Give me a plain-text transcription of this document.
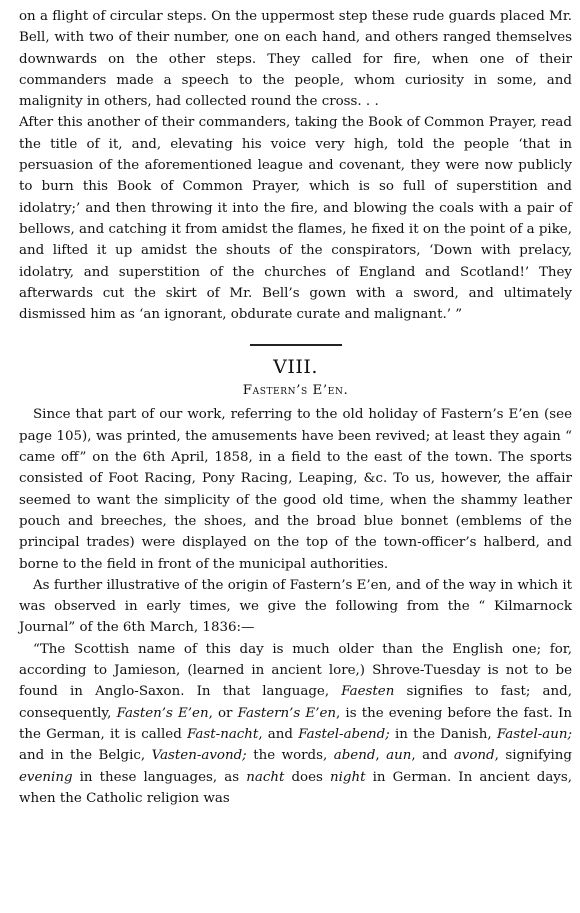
on a flight of circular steps. On the uppermost step these rude guards placed Mr. Bell, with two of their number, one on each hand, and others ranged themselves downwards on the other steps. They called for fire, when one of their commanders made a speech to the people, whom curiosity in some, and malignity in others, had collected round the cross. . .

After this another of their commanders, taking the Book of Common Prayer, read the title of it, and, elevating his voice very high, told the people ‘that in persuasion of the aforementioned league and covenant, they were now publicly to burn this Book of Common Prayer, which is so full of superstition and idolatry;’ and then throwing it into the fire, and blowing the coals with a pair of bellows, and catching it from amidst the flames, he fixed it on the point of a pike, and lifted it up amidst the shouts of the conspirators, ‘Down with prelacy, idolatry, and superstition of the churches of England and Scotland!’ They afterwards cut the skirt of Mr. Bell’s gown with a sword, and ultimately dismissed him as ‘an ignorant, obdurate curate and malignant.’ ”

VIII.
Fastern’s E’en.

Since that part of our work, referring to the old holiday of Fastern’s E’en (see page 105), was printed, the amusements have been revived; at least they again “ came off” on the 6th April, 1858, in a field to the east of the town. The sports consisted of Foot Racing, Pony Racing, Leaping, &c. To us, however, the affair seemed to want the simplicity of the good old time, when the shammy leather pouch and breeches, the shoes, and the broad blue bonnet (emblems of the principal trades) were displayed on the top of the town-officer’s halberd, and borne to the field in front of the municipal authorities.

As further illustrative of the origin of Fastern’s E’en, and of the way in which it was observed in early times, we give the following from the “ Kilmarnock Journal” of the 6th March, 1836:—

“The Scottish name of this day is much older than the English one; for, according to Jamieson, (learned in ancient lore,) Shrove-Tuesday is not to be found in Anglo-Saxon. In that language, Faesten signifies to fast; and, consequently, Fasten’s E’en, or Fastern’s E’en, is the evening before the fast. In the German, it is called Fast-nacht, and Fastel-abend; in the Danish, Fastel-aun; and in the Belgic, Vasten-avond; the words, abend, aun, and avond, signifying evening in these languages, as nacht does night in German. In ancient days, when the Catholic religion was
